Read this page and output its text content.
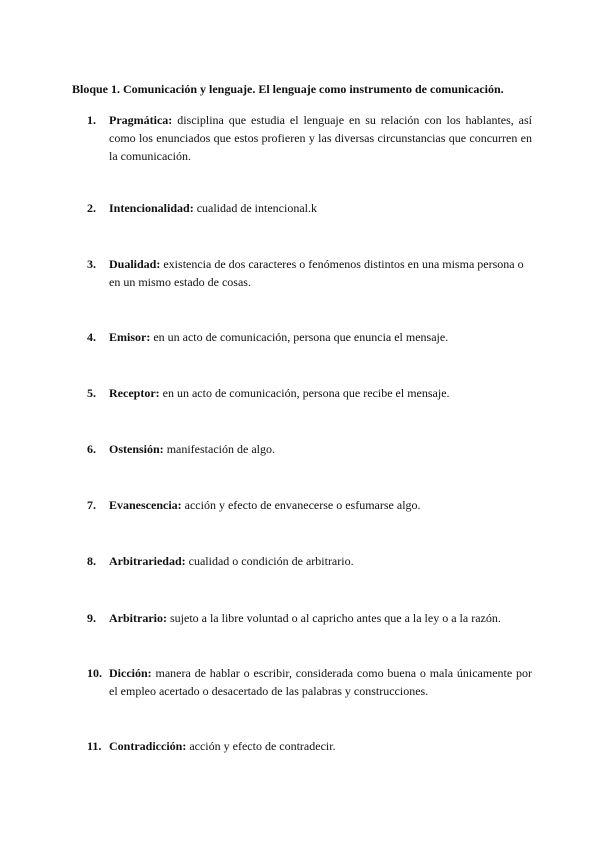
Bloque 1. Comunicación y lenguaje. El lenguaje como instrumento de comunicación.
1.	Pragmática: disciplina que estudia el lenguaje en su relación con los hablantes, así como los enunciados que estos profieren y las diversas circunstancias que concurren en la comunicación.
2.	Intencionalidad: cualidad de intencional.k
3.	Dualidad: existencia de dos caracteres o fenómenos distintos en una misma persona o en un mismo estado de cosas.
4.	Emisor: en un acto de comunicación, persona que enuncia el mensaje.
5.	Receptor: en un acto de comunicación, persona que recibe el mensaje.
6.	Ostensión: manifestación de algo.
7.	Evanescencia: acción y efecto de envanecerse o esfumarse algo.
8.	Arbitrariedad: cualidad o condición de arbitrario.
9.	Arbitrario: sujeto a la libre voluntad o al capricho antes que a la ley o a la razón.
10. Dicción: manera de hablar o escribir, considerada como buena o mala únicamente por el empleo acertado o desacertado de las palabras y construcciones.
11. Contradicción: acción y efecto de contradecir.
